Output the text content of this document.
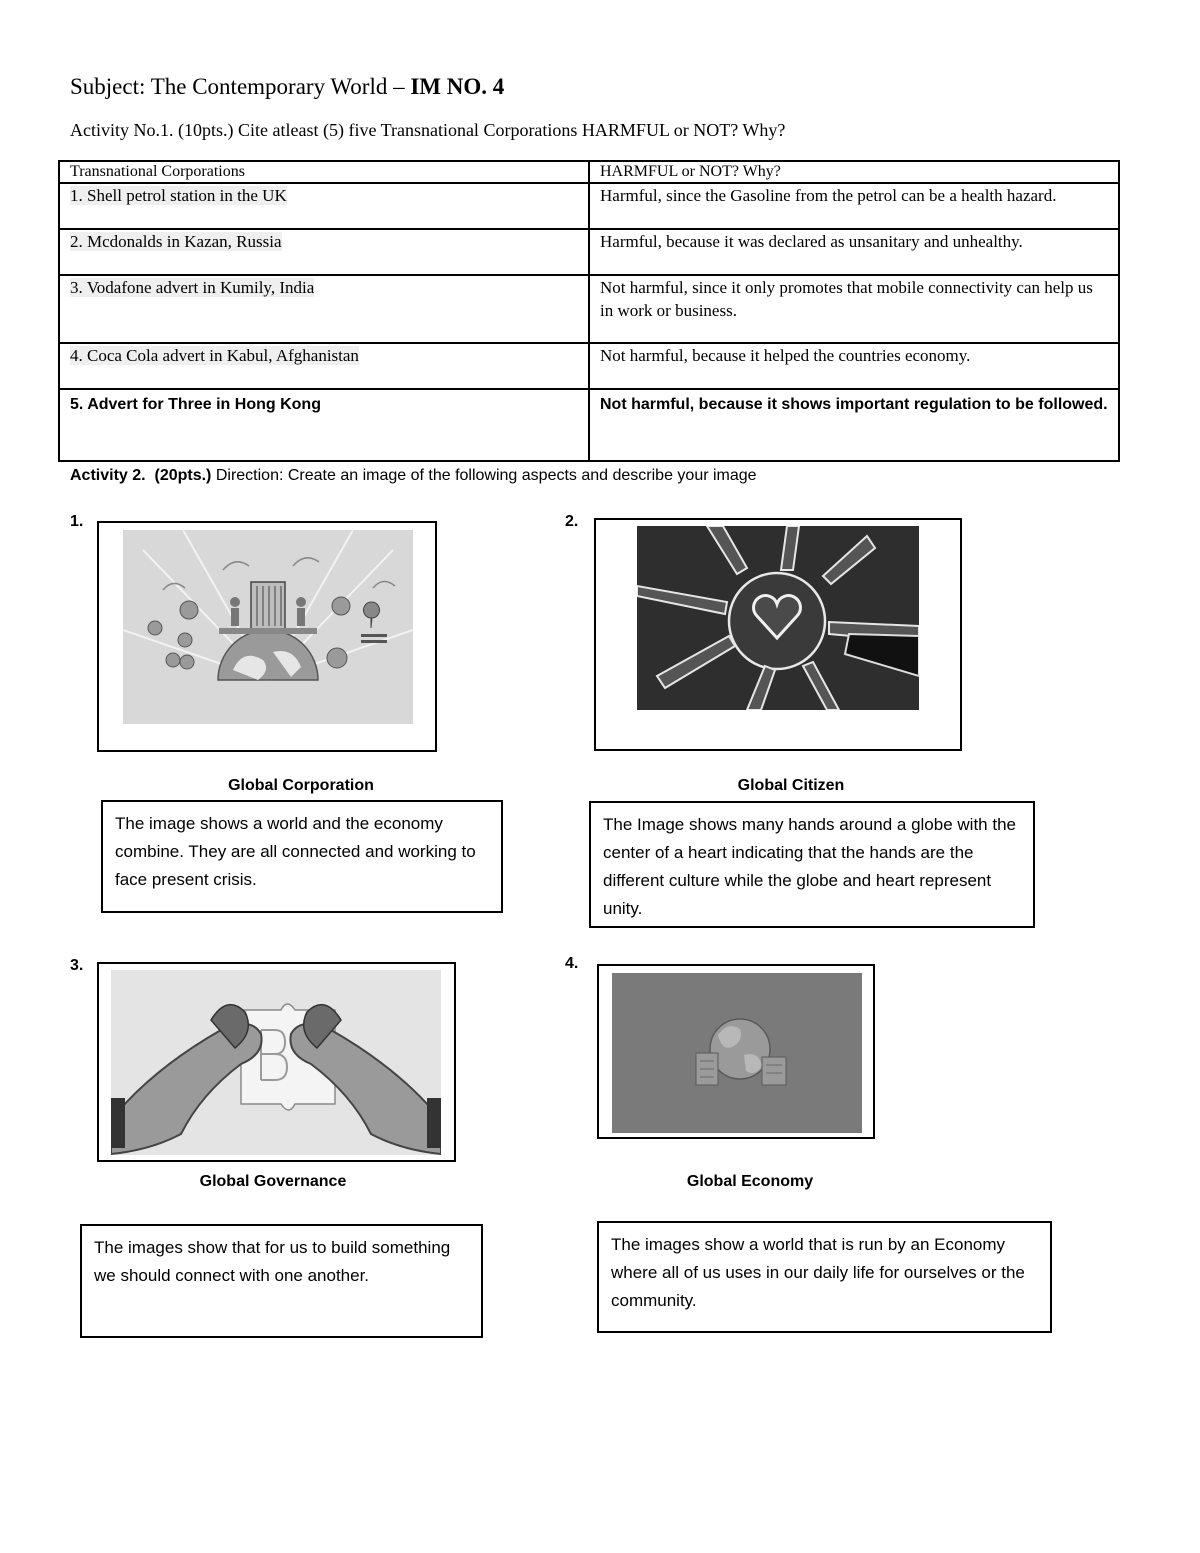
Subject: The Contemporary World – IM NO. 4
Activity No.1. (10pts.) Cite atleast (5) five Transnational Corporations HARMFUL or NOT? Why?
Transnational Corporations	HARMFUL or NOT? Why?
1. Shell petrol station in the UK	Harmful, since the Gasoline from the petrol can be a health hazard.
2. Mcdonalds in Kazan, Russia	Harmful, because it was declared as unsanitary and unhealthy.
3. Vodafone advert in Kumily, India	Not harmful, since it only promotes that mobile connectivity can help us in work or business.
4. Coca Cola advert in Kabul, Afghanistan	Not harmful, because it helped the countries economy.
5. Advert for Three in Hong Kong	Not harmful, because it shows important regulation to be followed.
Activity 2. (20pts.) Direction: Create an image of the following aspects and describe your image
1.
Global Corporation
The image shows a world and the economy combine. They are all connected and working to face present crisis.
2.
Global Citizen
The Image shows many hands around a globe with the center of a heart indicating that the hands are the different culture while the globe and heart represent unity.
3.
Global Governance
The images show that for us to build something we should connect with one another.
4.
Global Economy
The images show a world that is run by an Economy where all of us uses in our daily life for ourselves or the community.
